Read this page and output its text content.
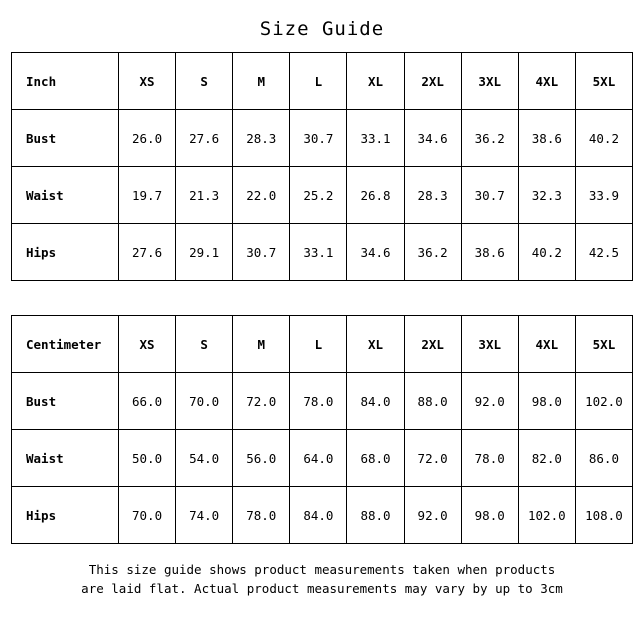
Size Guide
Inch	XS	S	M	L	XL	2XL	3XL	4XL	5XL
Bust	26.0	27.6	28.3	30.7	33.1	34.6	36.2	38.6	40.2
Waist	19.7	21.3	22.0	25.2	26.8	28.3	30.7	32.3	33.9
Hips	27.6	29.1	30.7	33.1	34.6	36.2	38.6	40.2	42.5
Centimeter	XS	S	M	L	XL	2XL	3XL	4XL	5XL
Bust	66.0	70.0	72.0	78.0	84.0	88.0	92.0	98.0	102.0
Waist	50.0	54.0	56.0	64.0	68.0	72.0	78.0	82.0	86.0
Hips	70.0	74.0	78.0	84.0	88.0	92.0	98.0	102.0	108.0
This size guide shows product measurements taken when products
are laid flat. Actual product measurements may vary by up to 3cm
